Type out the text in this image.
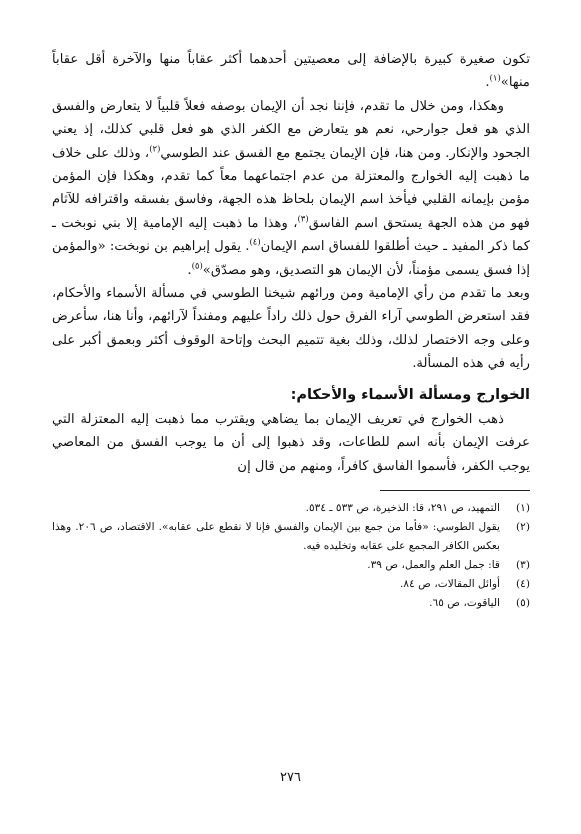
تكون صغيرة كبيرة بالإضافة إلى معصيتين أحدهما أكثر عقاباً منها والآخرة أقل عقاباً منها»$^{(١)}$.

وهكذا، ومن خلال ما تقدم، فإننا نجد أن الإيمان بوصفه فعلاً قلبياً لا يتعارض والفسق الذي هو فعل جوارحي، نعم هو يتعارض مع الكفر الذي هو فعل قلبي كذلك، إذ يعني الجحود والإنكار. ومن هنا، فإن الإيمان يجتمع مع الفسق عند الطوسي$^{(٢)}$، وذلك على خلاف ما ذهبت إليه الخوارج والمعتزلة من عدم اجتماعهما معاً كما تقدم، وهكذا فإن المؤمن مؤمن بإيمانه القلبي فيأخذ اسم الإيمان بلحاظ هذه الجهة، وفاسق بفسقه واقترافه للآثام فهو من هذه الجهة يستحق اسم الفاسق$^{(٣)}$، وهذا ما ذهبت إليه الإمامية إلا بني نوبخت ـ كما ذكر المفيد ـ حيث أطلقوا للفساق اسم الإيمان$^{(٤)}$. يقول إبراهيم بن نوبخت: «والمؤمن إذا فسق يسمى مؤمناً، لأن الإيمان هو التصديق، وهو مصدّق»$^{(٥)}$.

وبعد ما تقدم من رأي الإمامية ومن ورائهم شيخنا الطوسي في مسألة الأسماء والأحكام، فقد استعرض الطوسي آراء الفرق حول ذلك راداً عليهم ومفنداً لآرائهم، وأنا هنا، سأعرض وعلى وجه الاختصار لذلك، وذلك بغية تتميم البحث وإتاحة الوقوف أكثر وبعمق أكبر على رأيه في هذه المسألة.

الخوارج ومسألة الأسماء والأحكام:

ذهب الخوارج في تعريف الإيمان بما يضاهي ويقترب مما ذهبت إليه المعتزلة التي عرفت الإيمان بأنه اسم للطاعات، وقد ذهبوا إلى أن ما يوجب الفسق من المعاصي يوجب الكفر، فأسموا الفاسق كافراً، ومنهم من قال إن

(١)
التمهيد، ص ٢٩١، قا: الذخيرة، ص ٥٣٣ ـ ٥٣٤.
(٢)
يقول الطوسي: «فأما من جمع بين الإيمان والفسق فإنا لا نقطع على عقابه». الاقتصاد، ص ٢٠٦. وهذا بعكس الكافر المجمع على عقابه وتخليده فيه.
(٣)
قا: جمل العلم والعمل، ص ٣٩.
(٤)
أوائل المقالات، ص ٨٤.
(٥)
الياقوت، ص ٦٥.
٢٧٦
